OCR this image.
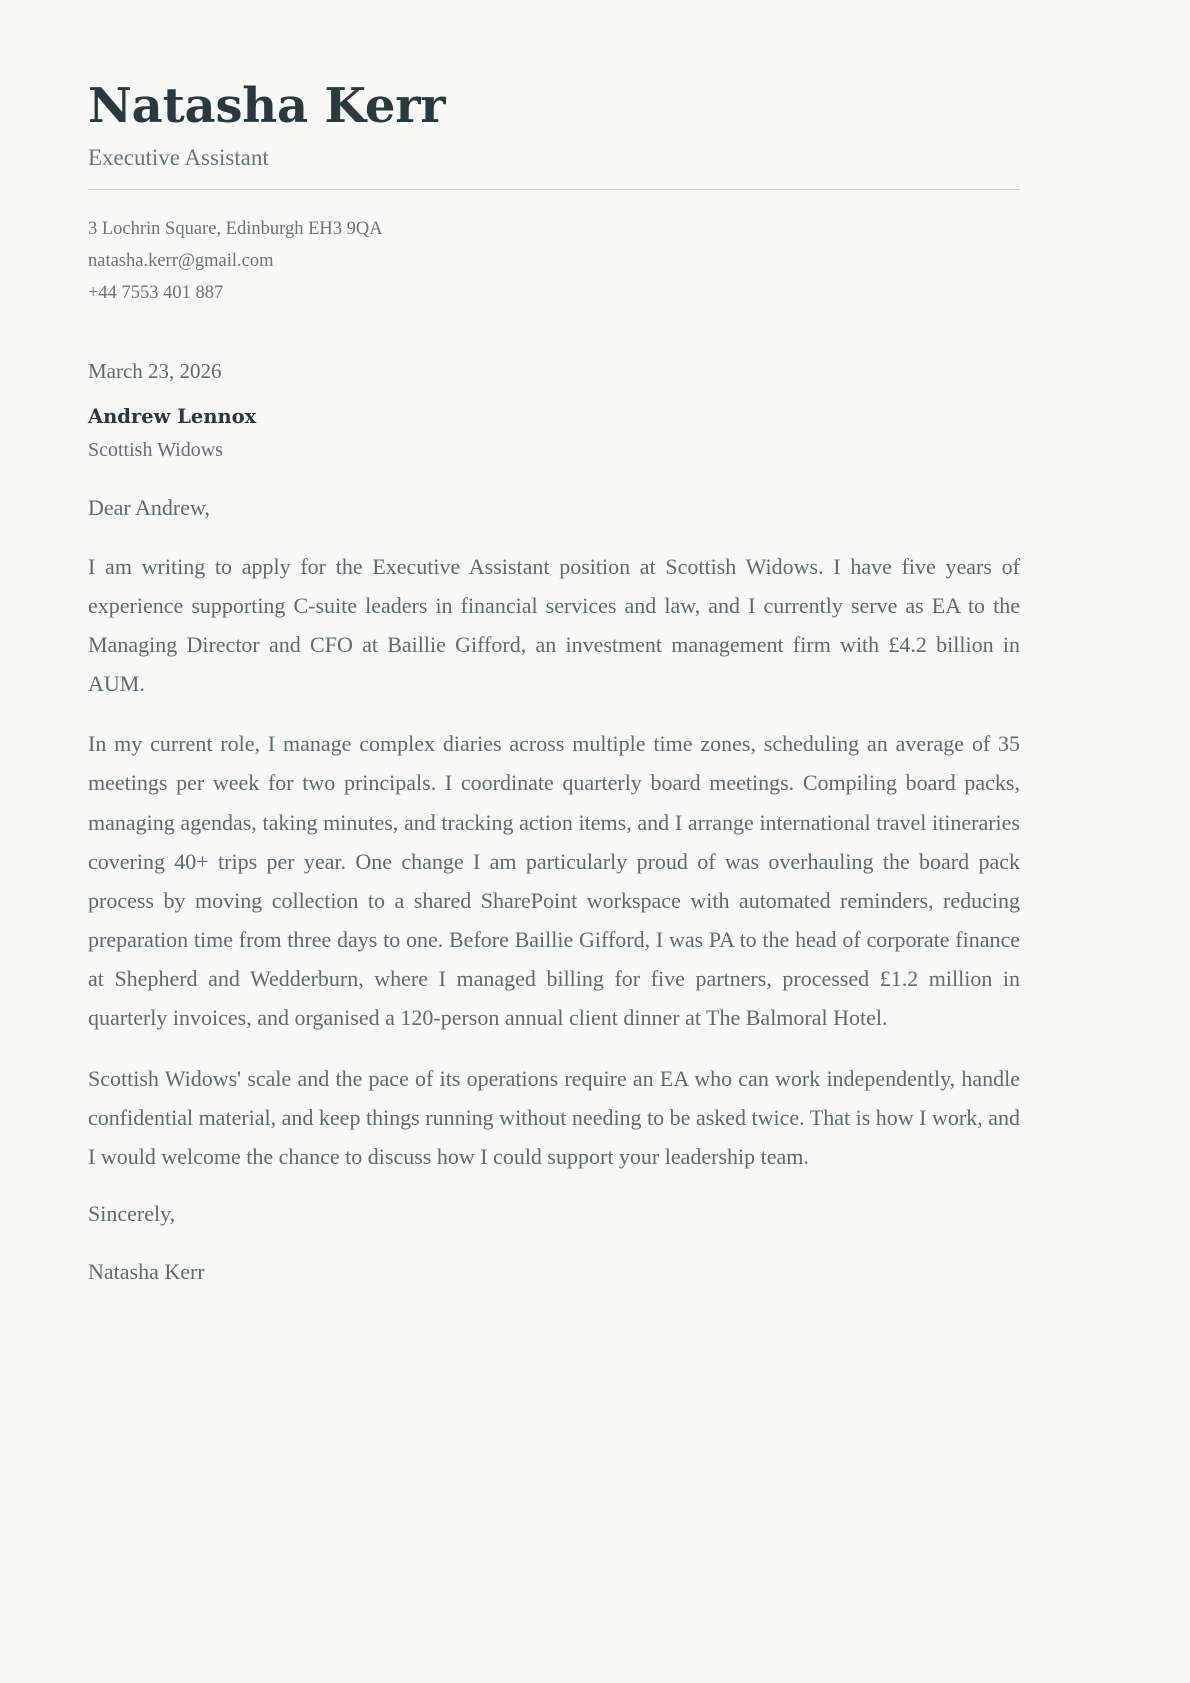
Natasha Kerr
Executive Assistant
3 Lochrin Square, Edinburgh EH3 9QA
natasha.kerr@gmail.com
+44 7553 401 887
March 23, 2026
Andrew Lennox
Scottish Widows

Dear Andrew,

I am writing to apply for the Executive Assistant position at Scottish Widows. I have five years of experience supporting C-suite leaders in financial services and law, and I currently serve as EA to the Managing Director and CFO at Baillie Gifford, an investment management firm with £4.2 billion in AUM.

In my current role, I manage complex diaries across multiple time zones, scheduling an average of 35 meetings per week for two principals. I coordinate quarterly board meetings. Compiling board packs, managing agendas, taking minutes, and tracking action items, and I arrange international travel itineraries covering 40+ trips per year. One change I am particularly proud of was overhauling the board pack process by moving collection to a shared SharePoint workspace with automated reminders, reducing preparation time from three days to one. Before Baillie Gifford, I was PA to the head of corporate finance at Shepherd and Wedderburn, where I managed billing for five partners, processed £1.2 million in quarterly invoices, and organised a 120-person annual client dinner at The Balmoral Hotel.

Scottish Widows' scale and the pace of its operations require an EA who can work independently, handle confidential material, and keep things running without needing to be asked twice. That is how I work, and I would welcome the chance to discuss how I could support your leadership team.

Sincerely,

Natasha Kerr
